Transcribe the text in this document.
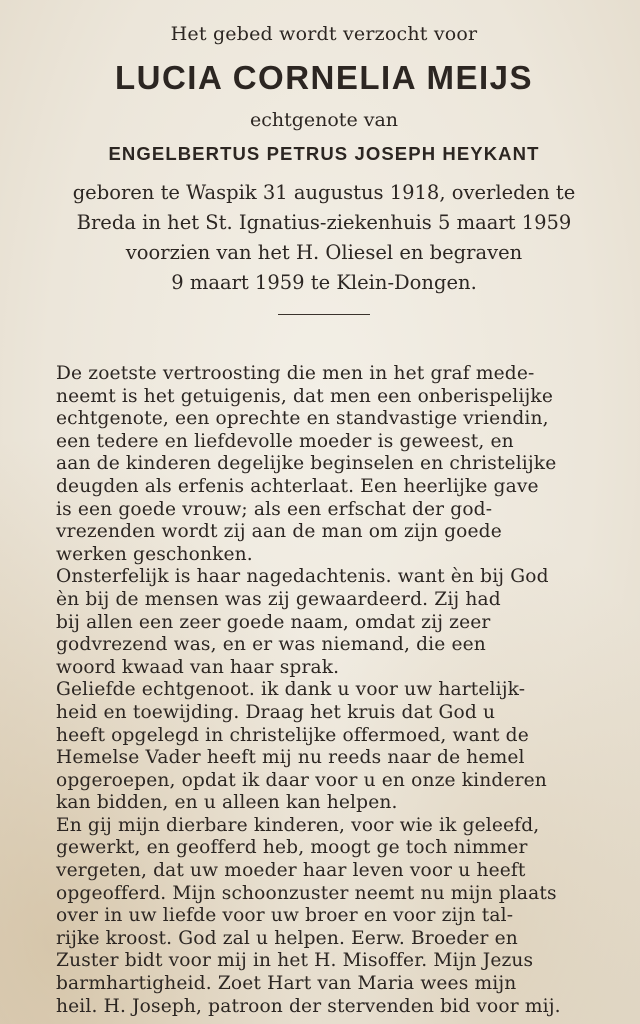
Het gebed wordt verzocht voor

LUCIA CORNELIA MEIJS

echtgenote van

ENGELBERTUS PETRUS JOSEPH HEYKANT
geboren te Waspik 31 augustus 1918, overleden te
Breda in het St. Ignatius-ziekenhuis 5 maart 1959
voorzien van het H. Oliesel en begraven
9 maart 1959 te Klein-Dongen.
De zoetste vertroosting die men in het graf mede-
neemt is het getuigenis, dat men een onberispelijke
echtgenote, een oprechte en standvastige vriendin,
een tedere en liefdevolle moeder is geweest, en
aan de kinderen degelijke beginselen en christelijke
deugden als erfenis achterlaat. Een heerlijke gave
is een goede vrouw; als een erfschat der god-
vrezenden wordt zij aan de man om zijn goede
werken geschonken.
Onsterfelijk is haar nagedachtenis. want èn bij God
èn bij de mensen was zij gewaardeerd. Zij had
bij allen een zeer goede naam, omdat zij zeer
godvrezend was, en er was niemand, die een
woord kwaad van haar sprak.
Geliefde echtgenoot. ik dank u voor uw hartelijk-
heid en toewijding. Draag het kruis dat God u
heeft opgelegd in christelijke offermoed, want de
Hemelse Vader heeft mij nu reeds naar de hemel
opgeroepen, opdat ik daar voor u en onze kinderen
kan bidden, en u alleen kan helpen.
En gij mijn dierbare kinderen, voor wie ik geleefd,
gewerkt, en geofferd heb, moogt ge toch nimmer
vergeten, dat uw moeder haar leven voor u heeft
opgeofferd. Mijn schoonzuster neemt nu mijn plaats
over in uw liefde voor uw broer en voor zijn tal-
rijke kroost. God zal u helpen. Eerw. Broeder en
Zuster bidt voor mij in het H. Misoffer. Mijn Jezus
barmhartigheid. Zoet Hart van Maria wees mijn
heil. H. Joseph, patroon der stervenden bid voor mij.
